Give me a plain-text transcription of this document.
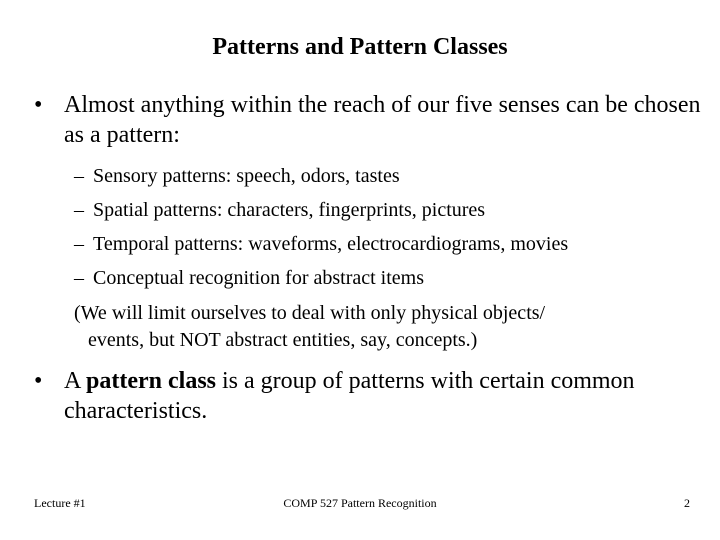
Patterns and Pattern Classes
• Almost anything within the reach of our five senses can be chosen as a pattern:
– Sensory patterns: speech, odors, tastes
– Spatial patterns: characters, fingerprints, pictures
– Temporal patterns: waveforms, electrocardiograms, movies
– Conceptual recognition for abstract items
(We will limit ourselves to deal with only physical objects/
events, but NOT abstract entities, say, concepts.)
• A pattern class is a group of patterns with certain common characteristics.
Lecture #1	COMP 527 Pattern Recognition	2
